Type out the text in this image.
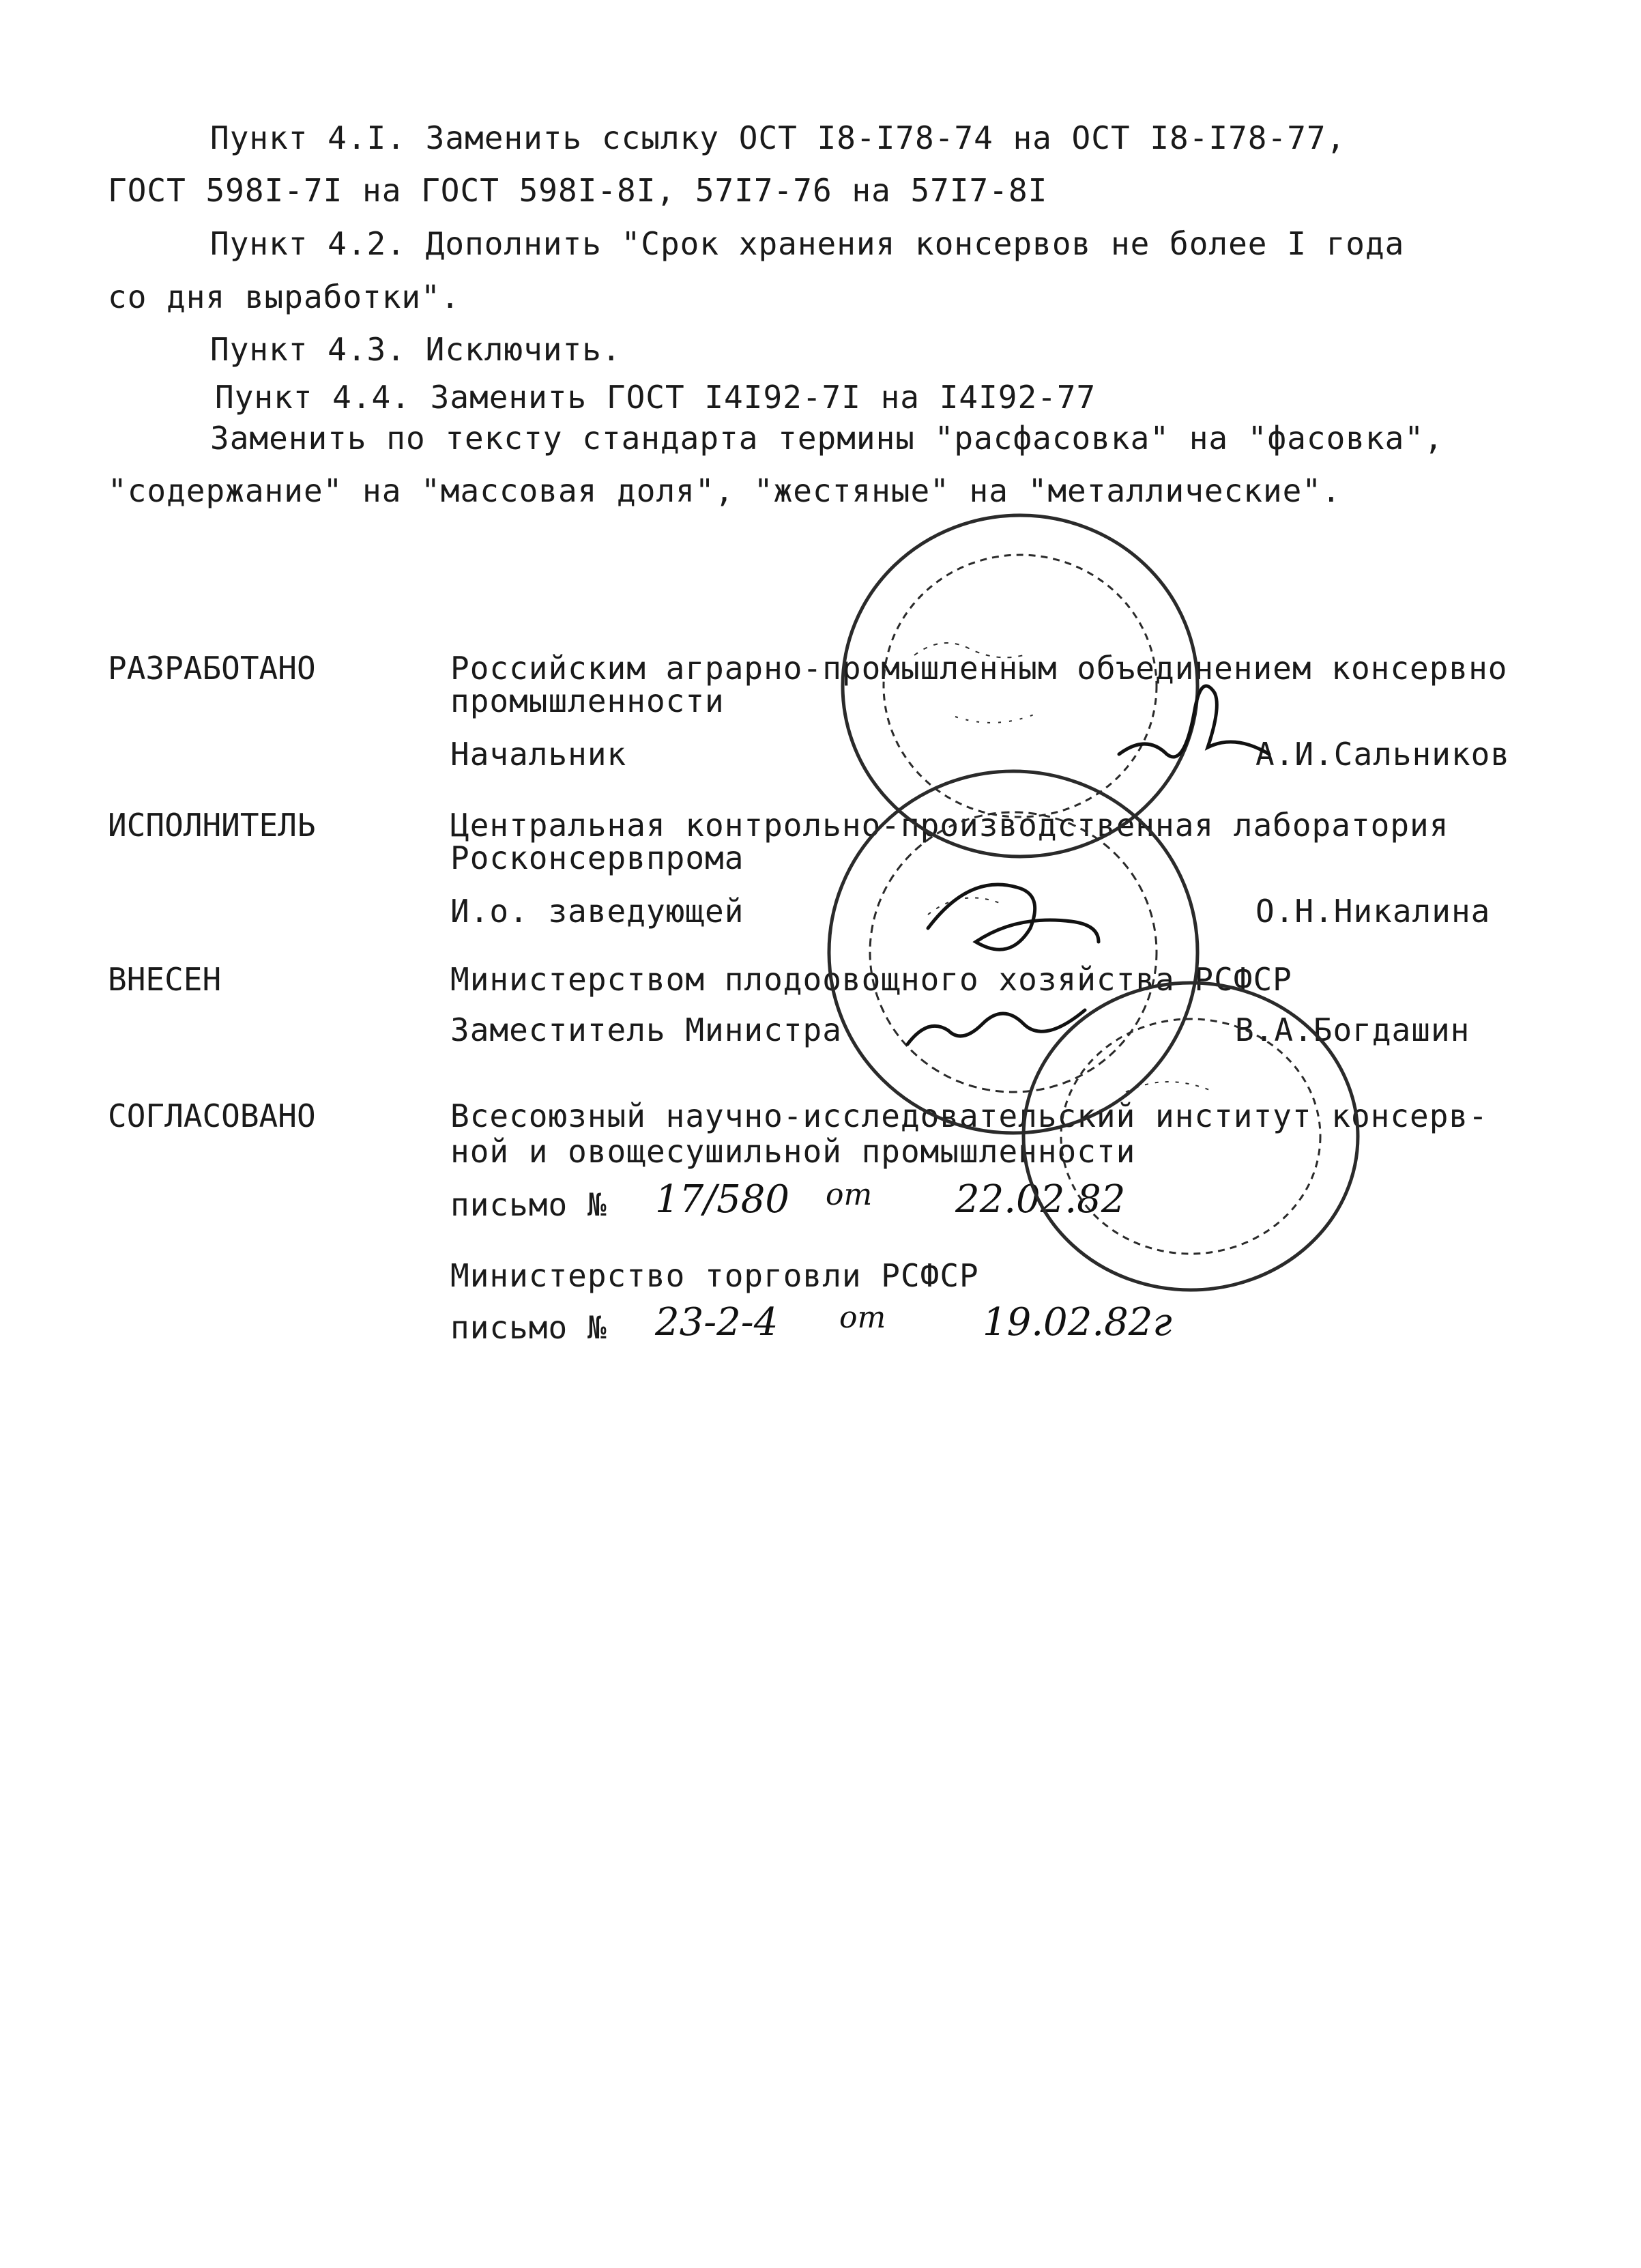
Пункт 4.I. Заменить ссылку ОСТ I8-I78-74 на ОСТ I8-I78-77,
ГОСТ 598I-7I на ГОСТ 598I-8I, 57I7-76 на 57I7-8I
Пункт 4.2. Дополнить "Срок хранения консервов не более I года
со дня выработки".
Пункт 4.3. Исключить.
Пункт 4.4. Заменить ГОСТ I4I92-7I на I4I92-77
Заменить по тексту стандарта термины "расфасовка" на "фасовка",
"содержание" на "массовая доля", "жестяные" на "металлические".
РАЗРАБОТАНО	Российским аграрно-промышленным объединением консервно
промышленности
Начальник	А.И.Сальников
ИСПОЛНИТЕЛЬ	Центральная контрольно-производственная лаборатория
Росконсервпрома
И.о. заведующей	О.Н.Никалина
ВНЕСЕН	Министерством плодоовощного хозяйства РСФСР
Заместитель Министра	В.А.Богдашин
СОГЛАСОВАНО	Всесоюзный научно-исследовательский институт консерв-
ной и овощесушильной промышленности
письмо № 17/580 от 22.02.82
Министерство торговли РСФСР
письмо № 23-2-4 от	19.02.82г
